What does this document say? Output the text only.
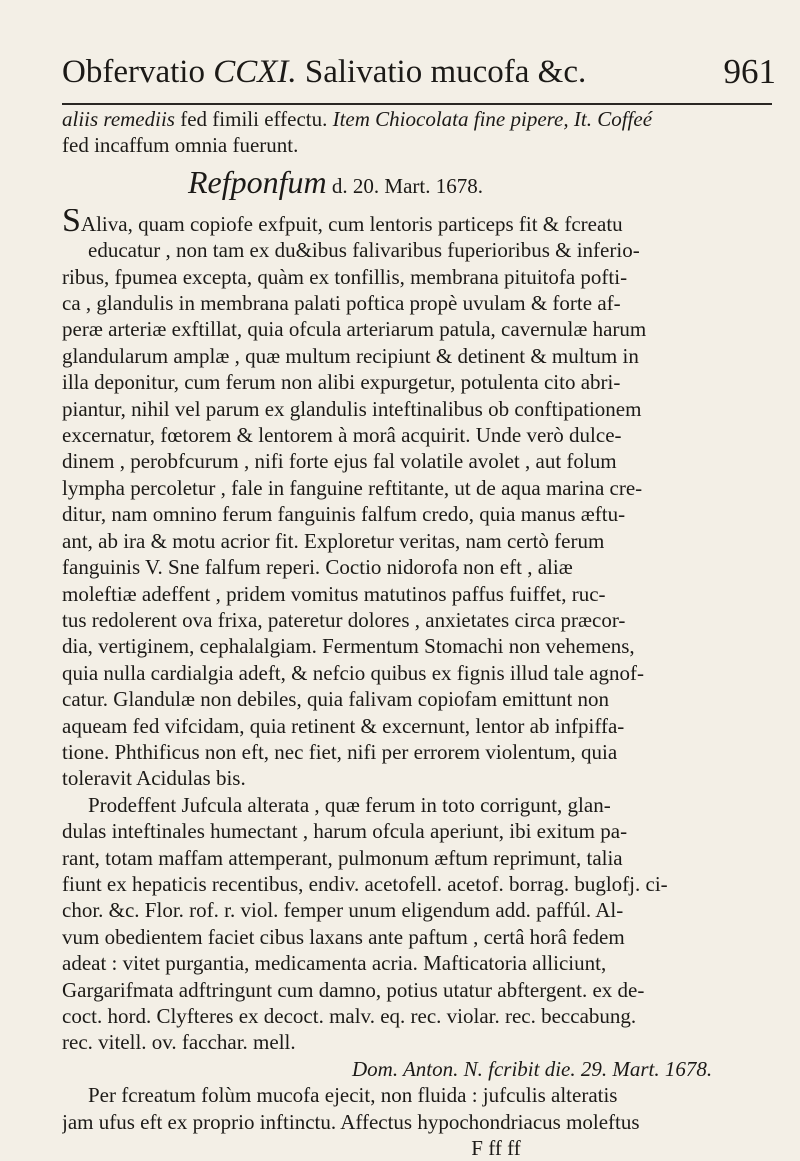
Obfervatio CCXI. Salivatio mucofa &c.	961
aliis remediis fed fimili effectu. Item Chiocolata fine pipere, It. Coffeé
fed incaffum omnia fuerunt.
Refponfum d. 20. Mart. 1678.

SAliva, quam copiofe exfpuit, cum lentoris particeps fit & fcreatu
educatur , non tam ex du&ibus falivaribus fuperioribus & inferio-
ribus, fpumea excepta, quàm ex tonfillis, membrana pituitofa pofti-
ca , glandulis in membrana palati poftica propè uvulam & forte af-
peræ arteriæ exftillat, quia ofcula arteriarum patula, cavernulæ harum
glandularum amplæ , quæ multum recipiunt & detinent & multum in
illa deponitur, cum ferum non alibi expurgetur, potulenta cito abri-
piantur, nihil vel parum ex glandulis inteftinalibus ob conftipationem
excernatur, fœtorem & lentorem à morâ acquirit. Unde verò dulce-
dinem , perobfcurum , nifi forte ejus fal volatile avolet , aut folum
lympha percoletur , fale in fanguine reftitante, ut de aqua marina cre-
ditur, nam omnino ferum fanguinis falfum credo, quia manus æftu-
ant, ab ira & motu acrior fit. Exploretur veritas, nam certò ferum
fanguinis V. Sne falfum reperi. Coctio nidorofa non eft , aliæ
moleftiæ adeffent , pridem vomitus matutinos paffus fuiffet, ruc-
tus redolerent ova frixa, pateretur dolores , anxietates circa præcor-
dia, vertiginem, cephalalgiam. Fermentum Stomachi non vehemens,
quia nulla cardialgia adeft, & nefcio quibus ex fignis illud tale agnof-
catur. Glandulæ non debiles, quia falivam copiofam emittunt non
aqueam fed vifcidam, quia retinent & excernunt, lentor ab infpiffa-
tione. Phthificus non eft, nec fiet, nifi per errorem violentum, quia
toleravit Acidulas bis.

Prodeffent Jufcula alterata , quæ ferum in toto corrigunt, glan-
dulas inteftinales humectant , harum ofcula aperiunt, ibi exitum pa-
rant, totam maffam attemperant, pulmonum æftum reprimunt, talia
fiunt ex hepaticis recentibus, endiv. acetofell. acetof. borrag. buglofj. ci-
chor. &c. Flor. rof. r. viol. femper unum eligendum add. paffúl. Al-
vum obedientem faciet cibus laxans ante paftum , certâ horâ fedem
adeat : vitet purgantia, medicamenta acria. Mafticatoria alliciunt,
Gargarifmata adftringunt cum damno, potius utatur abftergent. ex de-
coct. hord. Clyfteres ex decoct. malv. eq. rec. violar. rec. beccabung.
rec. vitell. ov. facchar. mell.

Dom. Anton. N. fcribit die. 29. Mart. 1678.

Per fcreatum folùm mucofa ejecit, non fluida : jufculis alteratis
jam ufus eft ex proprio inftinctu. Affectus hypochondriacus moleftus
F ff ff
